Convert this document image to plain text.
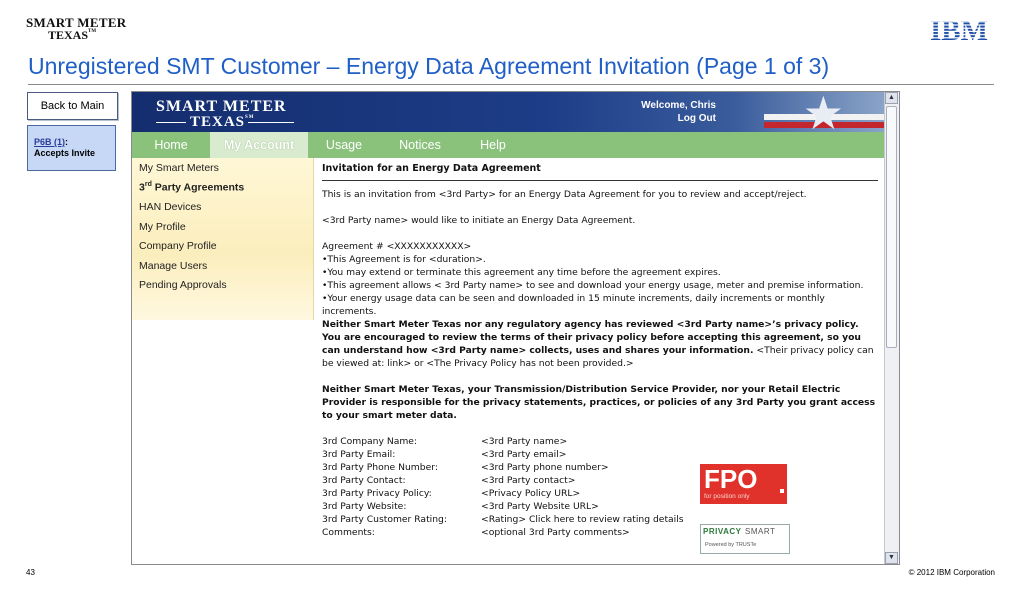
SMART METER
TEXAS™	IBM
Unregistered SMT Customer – Energy Data Agreement Invitation (Page 1 of 3)
Back to Main
P6B (1):
Accepts Invite
SMART METER
TEXAS℠	★
Welcome, Chris
Log Out
Home	My Account	Usage	Notices	Help
My Smart Meters
3rd Party Agreements
HAN Devices
My Profile
Company Profile
Manage Users
Pending Approvals
Invitation for an Energy Data Agreement

This is an invitation from <3rd Party> for an Energy Data Agreement for you to review and accept/reject.

<3rd Party name> would like to initiate an Energy Data Agreement.

Agreement # <XXXXXXXXXXX>

•This Agreement is for <duration>.
•You may extend or terminate this agreement any time before the agreement expires.
•This agreement allows < 3rd Party name> to see and download your energy usage, meter and premise information.
•Your energy usage data can be seen and downloaded in 15 minute increments, daily increments or monthly increments.

Neither Smart Meter Texas nor any regulatory agency has reviewed <3rd Party name>’s privacy policy. You are encouraged to review the terms of their privacy policy before accepting this agreement, so you can understand how <3rd Party name> collects, uses and shares your information. <Their privacy policy can be viewed at: link> or <The Privacy Policy has not been provided.>

Neither Smart Meter Texas, your Transmission/Distribution Service Provider, nor your Retail Electric Provider is responsible for the privacy statements, practices, or policies of any 3rd Party you grant access to your smart meter data.

3rd Company Name:	<3rd Party name>
3rd Party Email:	<3rd Party email>
3rd Party Phone Number:	<3rd Party phone number>
3rd Party Contact:	<3rd Party contact>
3rd Party Privacy Policy:	<Privacy Policy URL>
3rd Party Website:	<3rd Party Website URL>
3rd Party Customer Rating:	<Rating> Click here to review rating details
Comments:	<optional 3rd Party comments>
FPO
for position only
PRIVACY SMART
Powered by TRUSTe
▲
▼
43	© 2012 IBM Corporation
